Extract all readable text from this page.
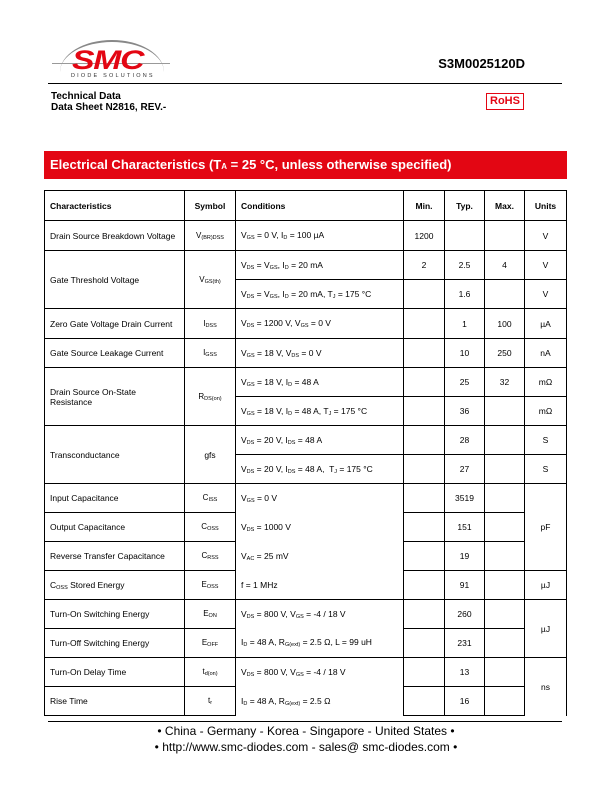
SMC
DIODE SOLUTIONS
S3M0025120D
Technical Data
Data Sheet N2816, REV.-
RoHS
Electrical Characteristics (TA = 25 °C, unless otherwise specified)
Characteristics	Symbol	Conditions	Min.	Typ.	Max.	Units
Drain Source Breakdown Voltage	$V_{(BR)DSS}$	$V_{GS} = 0$ V, $I_D = 100$ µA	1200			V
Gate Threshold Voltage	$V_{GS(th)}$	$V_{DS} = V_{GS}$, $I_D = 20$ mA	2	2.5	4	V
		$V_{DS} = V_{GS}$, $I_D = 20$ mA, $T_J = 175$ °C		1.6		V
Zero Gate Voltage Drain Current	$I_{DSS}$	$V_{DS} = 1200$ V, $V_{GS} = 0$ V		1	100	µA
Gate Source Leakage Current	$I_{GSS}$	$V_{GS} = 18$ V, $V_{DS} = 0$ V		10	250	nA
Drain Source On-State Resistance	$R_{DS(on)}$	$V_{GS} = 18$ V, $I_D = 48$ A		25	32	mΩ
		$V_{GS} = 18$ V, $I_D = 48$ A, $T_J = 175$ °C		36		mΩ
Transconductance	gfs	$V_{DS} = 20$ V, $I_{DS} = 48$ A		28		S
		$V_{DS} = 20$ V, $I_{DS} = 48$ A,  $T_J = 175$ °C		27		S
Input Capacitance	$C_{ISS}$	$V_{GS} = 0$ V		3519		pF
Output Capacitance	$C_{OSS}$	$V_{DS} = 1000$ V		151		
Reverse Transfer Capacitance	$C_{RSS}$	$V_{AC} = 25$ mV		19		
$C_{OSS}$ Stored Energy	$E_{OSS}$	f = 1 MHz		91		µJ
Turn-On Switching Energy	$E_{ON}$	$V_{DS} = 800$ V, $V_{GS} = -4 / 18$ V		260		µJ
Turn-Off Switching Energy	$E_{OFF}$	$I_D = 48$ A, $R_{G(ext)} = 2.5$ Ω, L = 99 uH		231		
Turn-On Delay Time	$t_{d(on)}$	$V_{DS} = 800$ V, $V_{GS} = -4 / 18$ V		13		ns
Rise Time	$t_r$	$I_D = 48$ A, $R_{G(ext)} = 2.5$ Ω		16		
• China - Germany - Korea - Singapore - United States •
• http://www.smc-diodes.com - sales@ smc-diodes.com •
